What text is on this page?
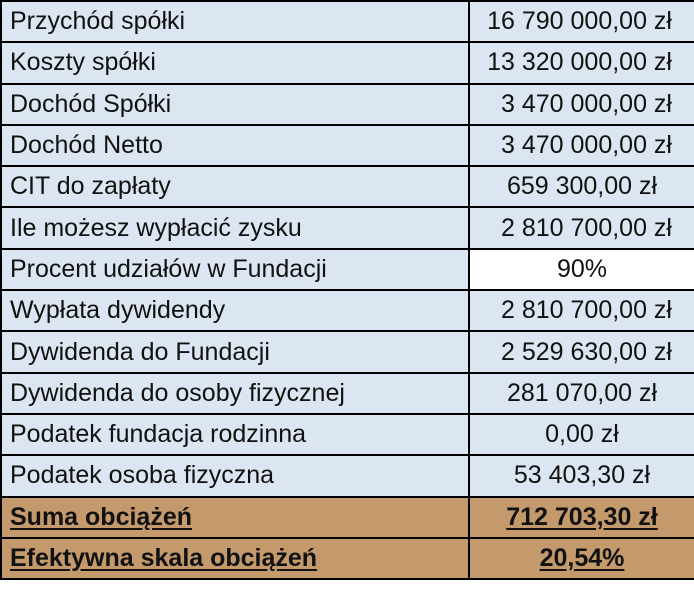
Przychód spółki	16 790 000,00 zł
Koszty spółki	13 320 000,00 zł
Dochód Spółki	3 470 000,00 zł
Dochód Netto	3 470 000,00 zł
CIT do zapłaty	659 300,00 zł
Ile możesz wypłacić zysku	2 810 700,00 zł
Procent udziałów w Fundacji	90%
Wypłata dywidendy	2 810 700,00 zł
Dywidenda do Fundacji	2 529 630,00 zł
Dywidenda do osoby fizycznej	281 070,00 zł
Podatek fundacja rodzinna	0,00 zł
Podatek osoba fizyczna	53 403,30 zł
Suma obciążeń	712 703,30 zł
Efektywna skala obciążeń	20,54%
